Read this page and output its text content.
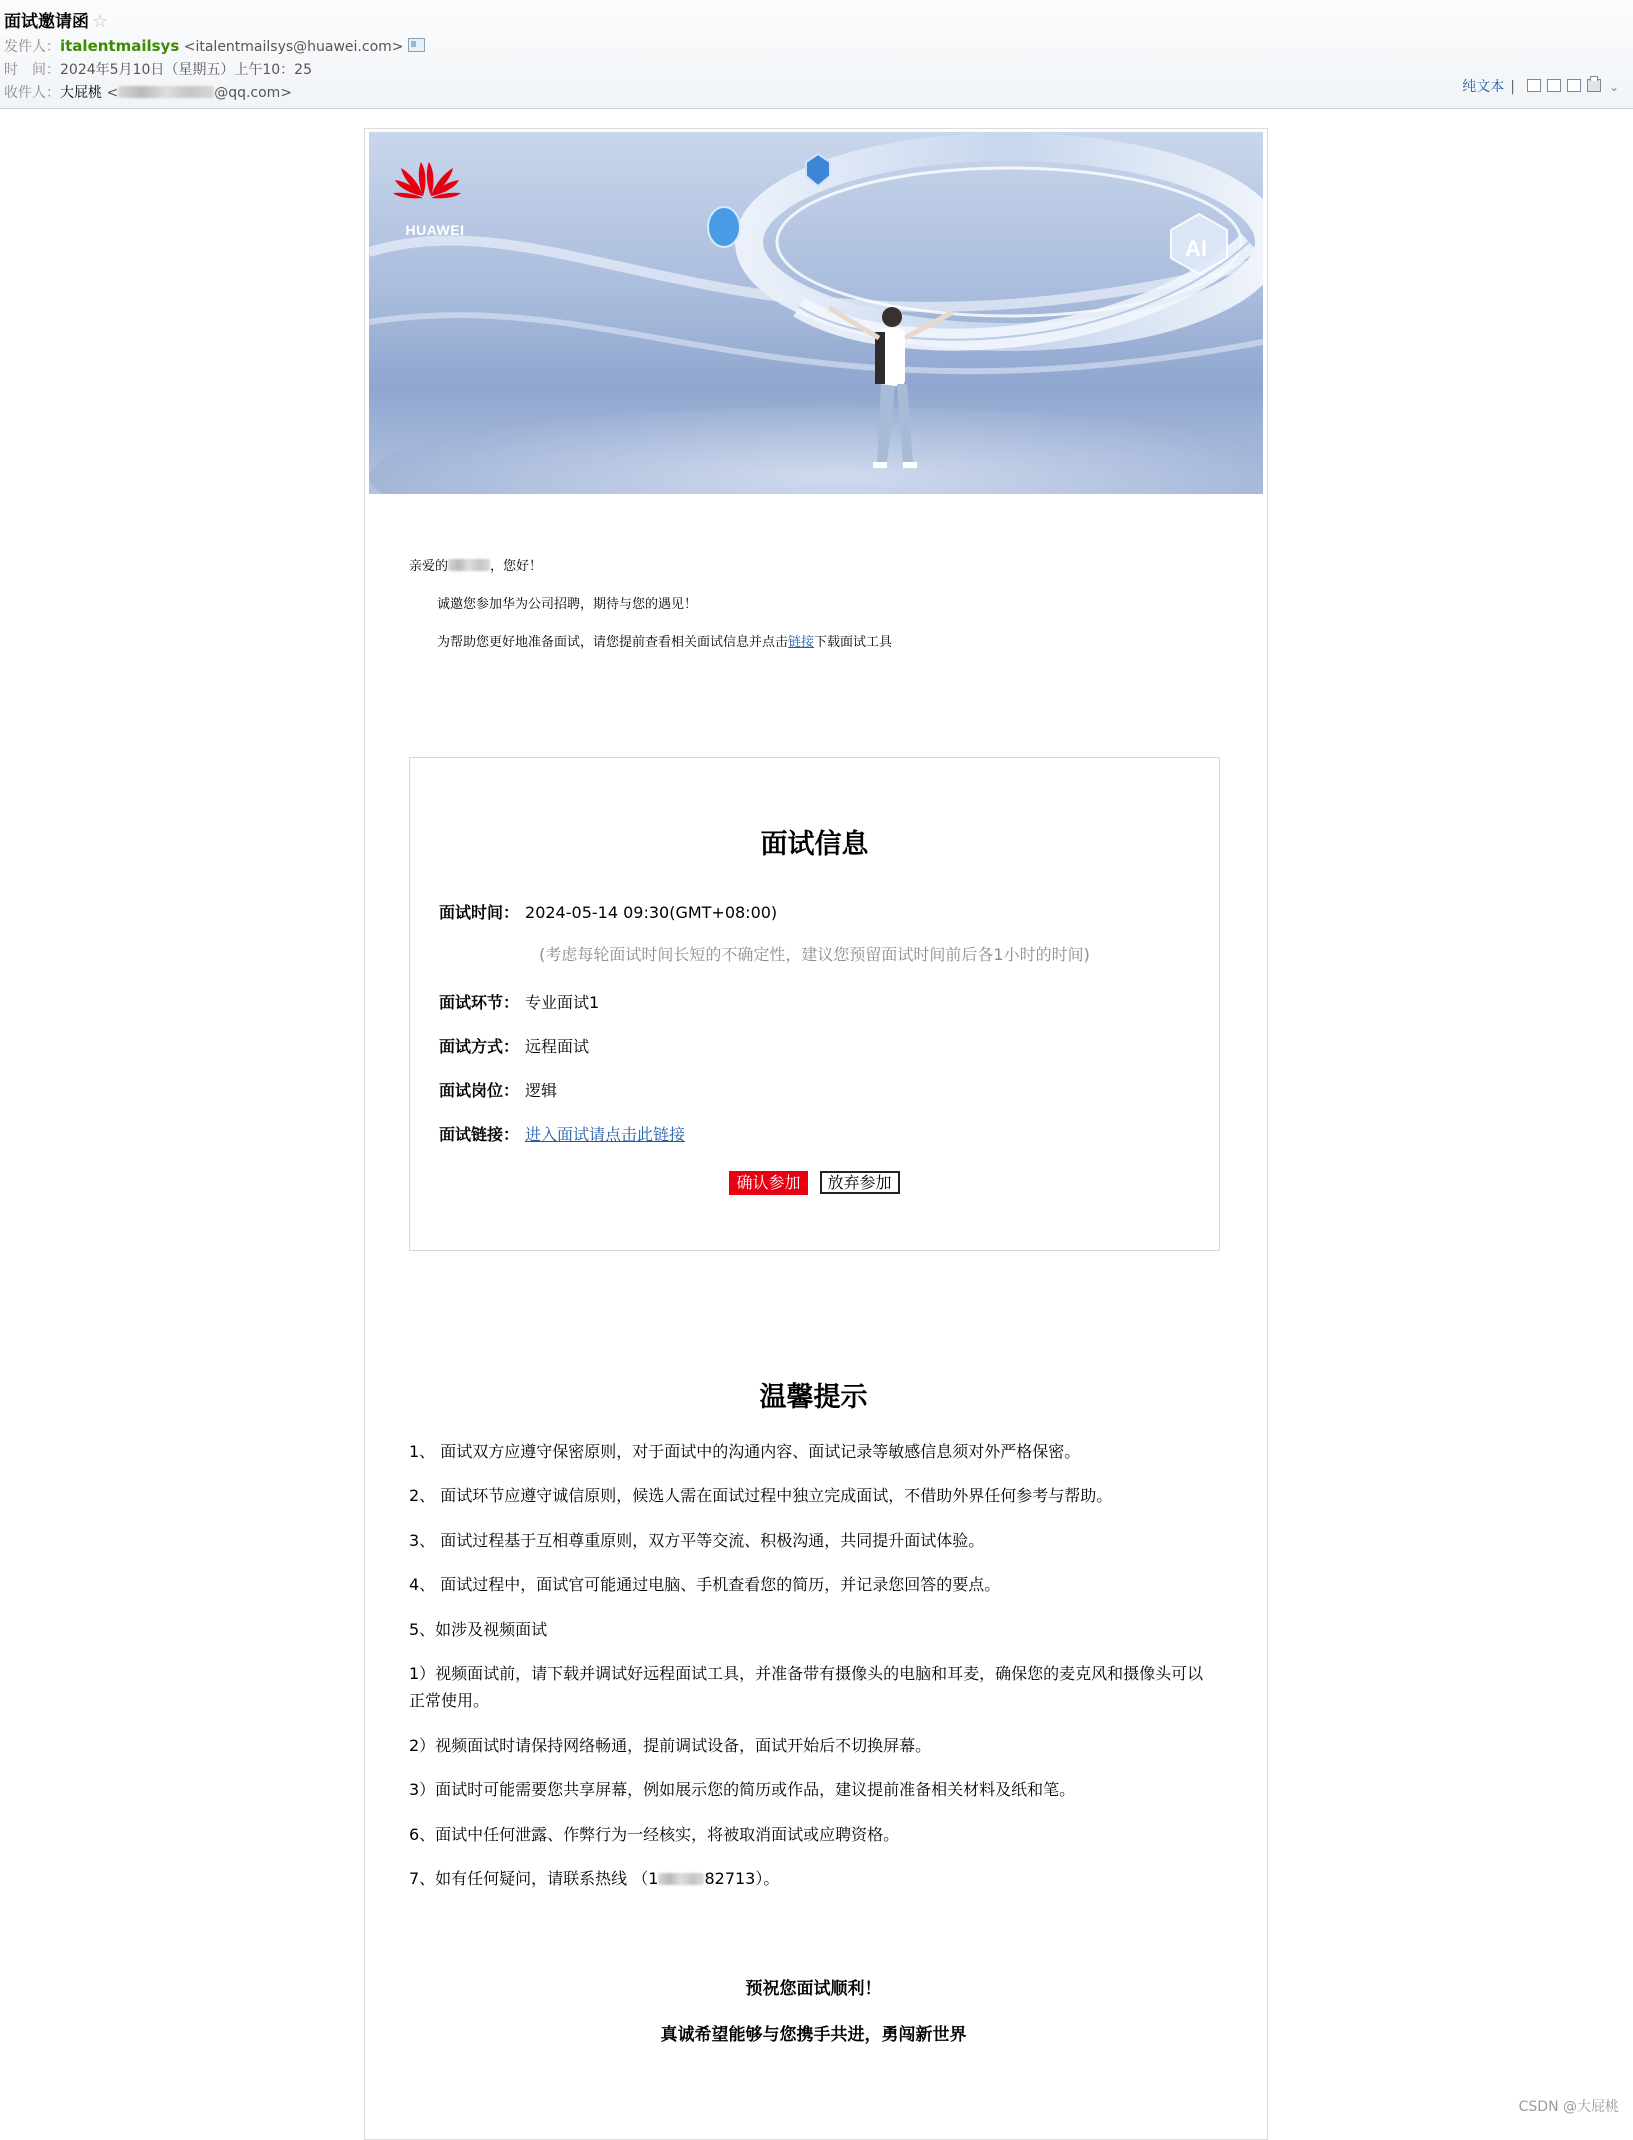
面试邀请函 ☆
发件人：italentmailsys <italentmailsys@huawei.com>
时　间：2024年5月10日（星期五）上午10：25
收件人：大屁桃 <	@qq.com>	纯文本 |	⌄
AI
HUAWEI
亲爱的	，您好！
诚邀您参加华为公司招聘，期待与您的遇见！
为帮助您更好地准备面试，请您提前查看相关面试信息并点击链接下载面试工具
面试信息
面试时间： 2024-05-14 09:30(GMT+08:00)
(考虑每轮面试时间长短的不确定性，建议您预留面试时间前后各1小时的时间)
面试环节： 专业面试1
面试方式： 远程面试
面试岗位： 逻辑
面试链接： 进入面试请点击此链接
确认参加 放弃参加
温馨提示
1、 面试双方应遵守保密原则，对于面试中的沟通内容、面试记录等敏感信息须对外严格保密。
2、 面试环节应遵守诚信原则，候选人需在面试过程中独立完成面试，不借助外界任何参考与帮助。
3、 面试过程基于互相尊重原则，双方平等交流、积极沟通，共同提升面试体验。
4、 面试过程中，面试官可能通过电脑、手机查看您的简历，并记录您回答的要点。
5、如涉及视频面试
1）视频面试前，请下载并调试好远程面试工具，并准备带有摄像头的电脑和耳麦，确保您的麦克风和摄像头可以正常使用。
2）视频面试时请保持网络畅通，提前调试设备，面试开始后不切换屏幕。
3）面试时可能需要您共享屏幕，例如展示您的简历或作品，建议提前准备相关材料及纸和笔。
6、面试中任何泄露、作弊行为一经核实，将被取消面试或应聘资格。
7、如有任何疑问，请联系热线 （1	82713）。
预祝您面试顺利！
真诚希望能够与您携手共进，勇闯新世界
CSDN @大屁桃
